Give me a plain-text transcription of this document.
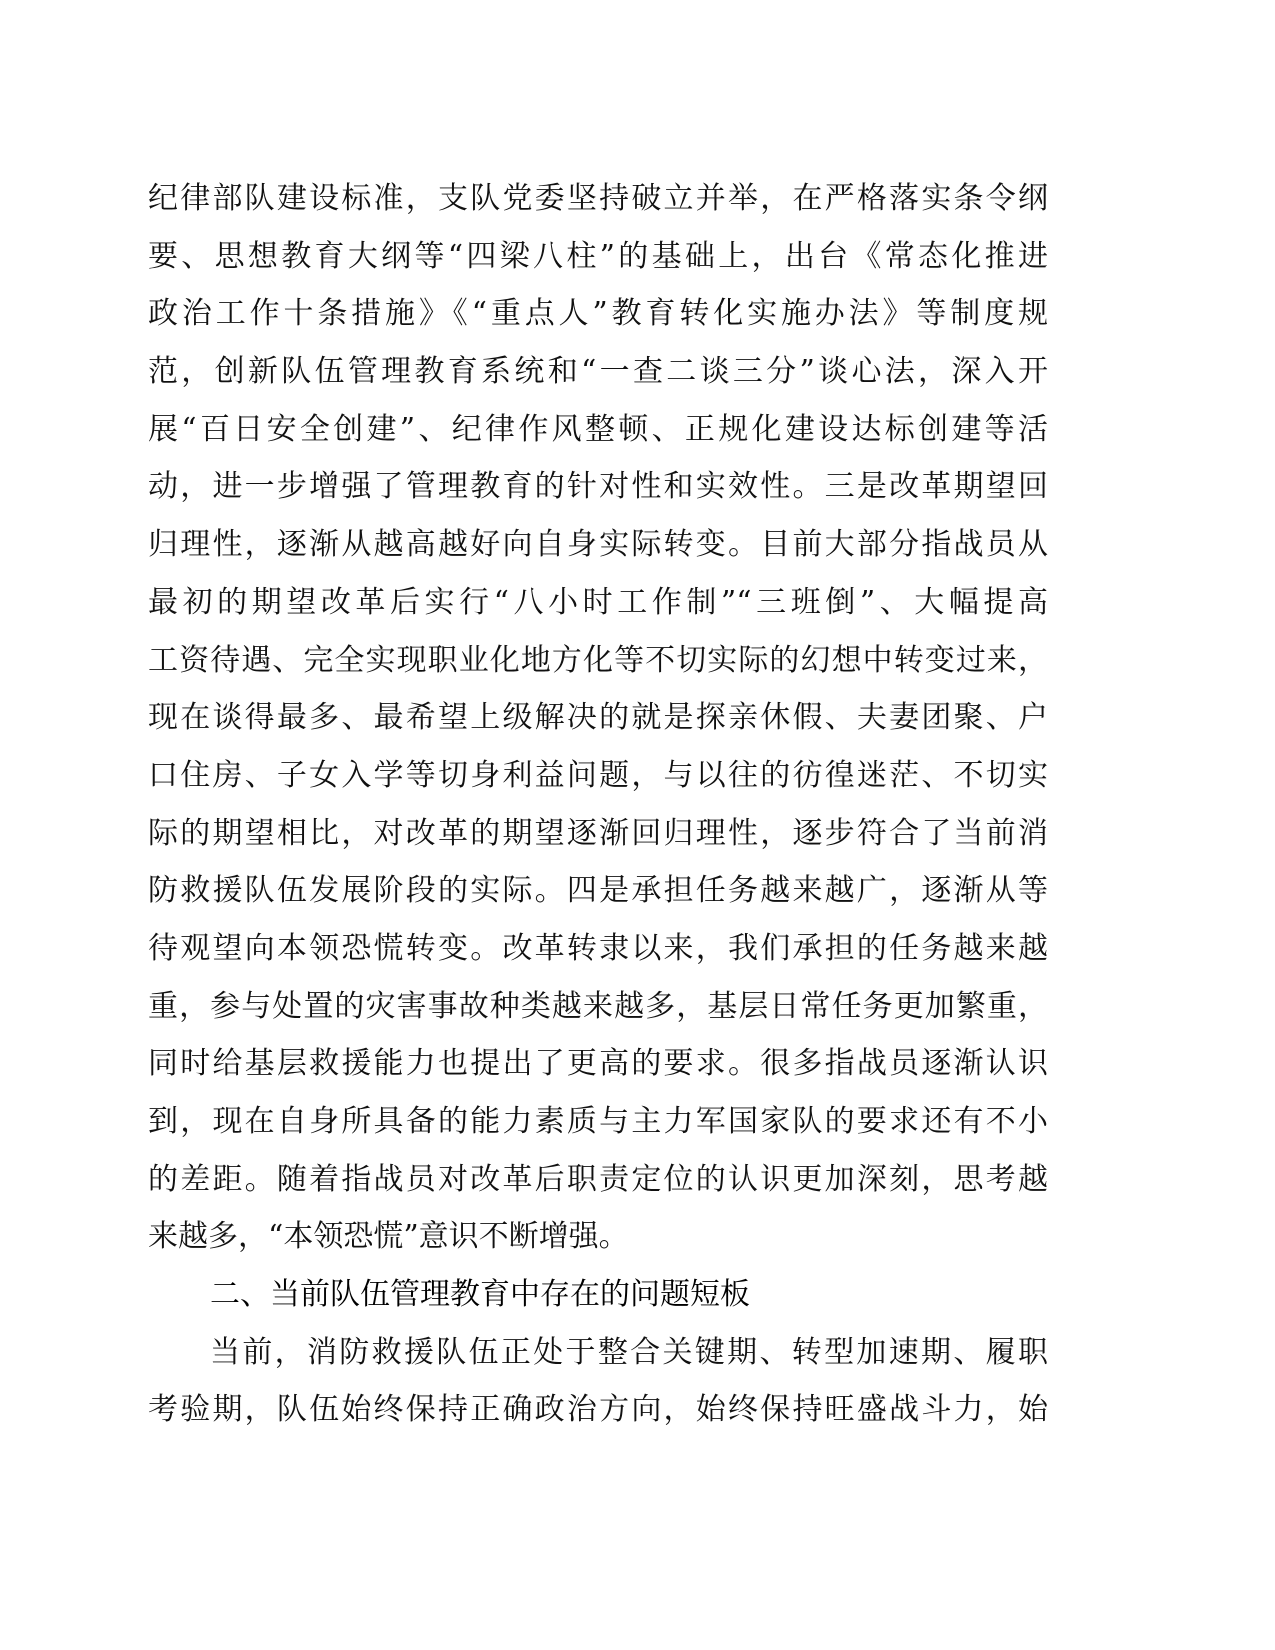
纪律部队建设标准，支队党委坚持破立并举，在严格落实条令纲
要、思想教育大纲等“四梁八柱”的基础上，出台《常态化推进
政治工作十条措施》《“重点人”教育转化实施办法》等制度规
范，创新队伍管理教育系统和“一查二谈三分”谈心法，深入开
展“百日安全创建”、纪律作风整顿、正规化建设达标创建等活
动，进一步增强了管理教育的针对性和实效性。三是改革期望回
归理性，逐渐从越高越好向自身实际转变。目前大部分指战员从
最初的期望改革后实行“八小时工作制”“三班倒”、大幅提高
工资待遇、完全实现职业化地方化等不切实际的幻想中转变过来，
现在谈得最多、最希望上级解决的就是探亲休假、夫妻团聚、户
口住房、子女入学等切身利益问题，与以往的彷徨迷茫、不切实
际的期望相比，对改革的期望逐渐回归理性，逐步符合了当前消
防救援队伍发展阶段的实际。四是承担任务越来越广，逐渐从等
待观望向本领恐慌转变。改革转隶以来，我们承担的任务越来越
重，参与处置的灾害事故种类越来越多，基层日常任务更加繁重，
同时给基层救援能力也提出了更高的要求。很多指战员逐渐认识
到，现在自身所具备的能力素质与主力军国家队的要求还有不小
的差距。随着指战员对改革后职责定位的认识更加深刻，思考越
来越多，“本领恐慌”意识不断增强。
二、当前队伍管理教育中存在的问题短板
当前，消防救援队伍正处于整合关键期、转型加速期、履职
考验期，队伍始终保持正确政治方向，始终保持旺盛战斗力，始
